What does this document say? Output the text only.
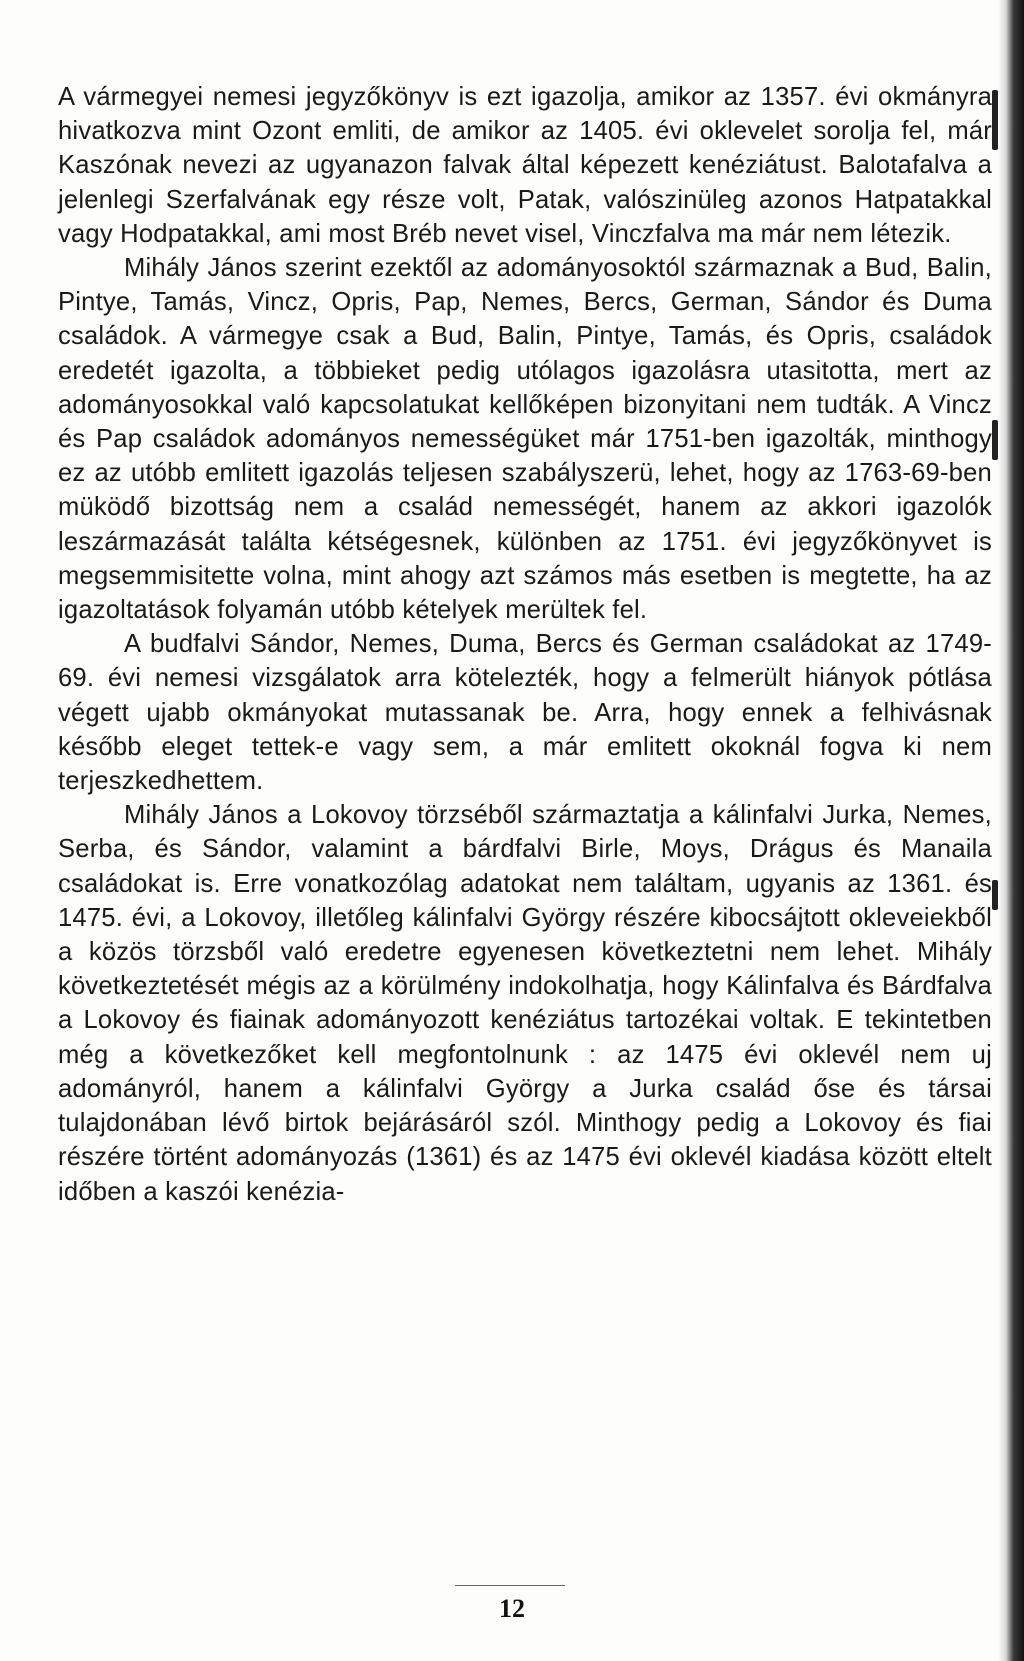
A vármegyei nemesi jegyzőkönyv is ezt igazolja, amikor az 1357. évi okmányra hivatkozva mint Ozont emliti, de amikor az 1405. évi oklevelet sorolja fel, már Kaszónak nevezi az ugyanazon falvak által képezett kenéziátust. Balotafalva a jelenlegi Szerfalvának egy része volt, Patak, valószinüleg azonos Hatpatakkal vagy Hodpatakkal, ami most Bréb nevet visel, Vinczfalva ma már nem létezik.

Mihály János szerint ezektől az adományosoktól származnak a Bud, Balin, Pintye, Tamás, Vincz, Opris, Pap, Nemes, Bercs, German, Sándor és Duma családok. A vármegye csak a Bud, Balin, Pintye, Tamás, és Opris, családok eredetét igazolta, a többieket pedig utólagos igazolásra utasitotta, mert az adományosokkal való kapcsolatukat kellőképen bizonyitani nem tudták. A Vincz és Pap családok adományos nemességüket már 1751-ben igazolták, minthogy ez az utóbb emlitett igazolás teljesen szabályszerü, lehet, hogy az 1763-69-ben müködő bizottság nem a család nemességét, hanem az akkori igazolók leszármazását találta kétségesnek, különben az 1751. évi jegyzőkönyvet is megsemmisitette volna, mint ahogy azt számos más esetben is megtette, ha az igazoltatások folyamán utóbb kételyek merültek fel.

A budfalvi Sándor, Nemes, Duma, Bercs és German családokat az 1749-69. évi nemesi vizsgálatok arra kötelezték, hogy a felmerült hiányok pótlása végett ujabb okmányokat mutassanak be. Arra, hogy ennek a felhivásnak később eleget tettek-e vagy sem, a már emlitett okoknál fogva ki nem terjeszkedhettem.

Mihály János a Lokovoy törzséből származtatja a kálinfalvi Jurka, Nemes, Serba, és Sándor, valamint a bárdfalvi Birle, Moys, Drágus és Manaila családokat is. Erre vonatkozólag adatokat nem találtam, ugyanis az 1361. és 1475. évi, a Lokovoy, illetőleg kálinfalvi György részére kibocsájtott okleveiekből a közös törzsből való eredetre egyenesen következtetni nem lehet. Mihály következtetését mégis az a körülmény indokolhatja, hogy Kálinfalva és Bárdfalva a Lokovoy és fiainak adományozott kenéziátus tartozékai voltak. E tekintetben még a következőket kell megfontolnunk : az 1475 évi oklevél nem uj adományról, hanem a kálinfalvi György a Jurka család őse és társai tulajdonában lévő birtok bejárásáról szól. Minthogy pedig a Lokovoy és fiai részére történt adományozás (1361) és az 1475 évi oklevél kiadása között eltelt időben a kaszói kenézia-

12
